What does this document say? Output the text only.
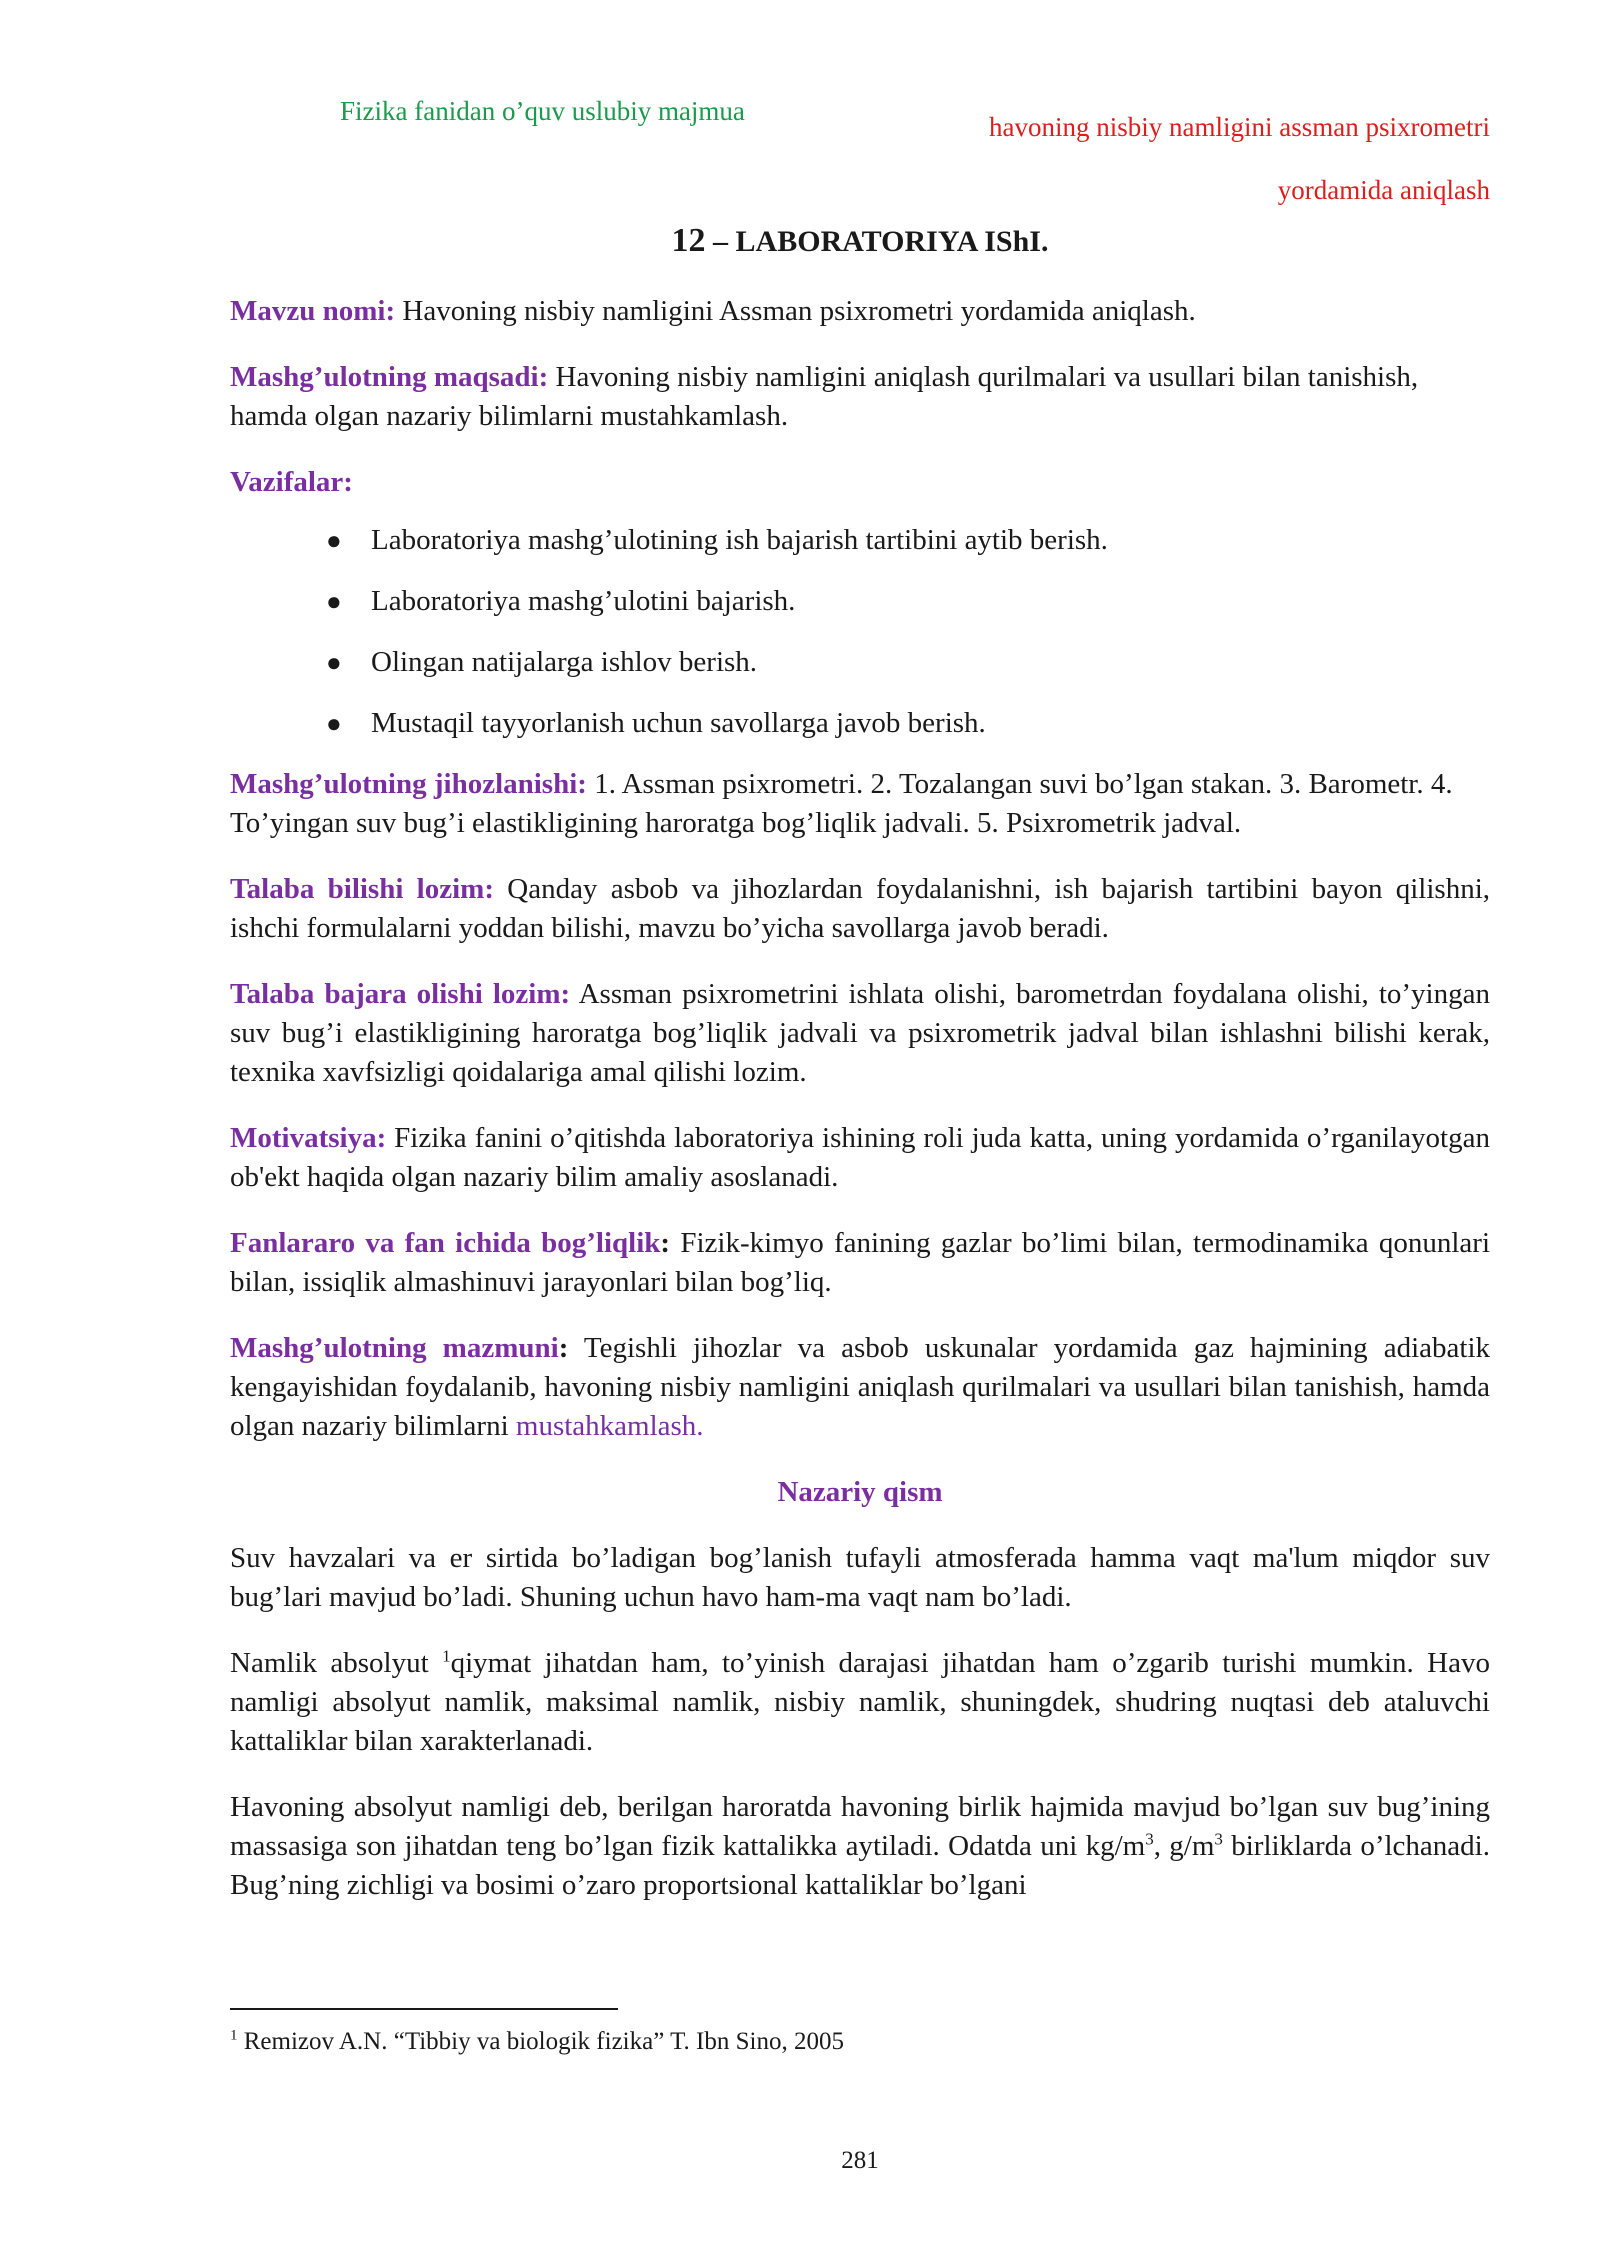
Fizika fanidan o’quv uslubiy majmua
havoning nisbiy namligini assman psixrometri
yordamida aniqlash
12 – LABORATORIYA IShI.

Mavzu nomi: Havoning nisbiy namligini Assman psixrometri yordamida aniqlash.

Mashg’ulotning maqsadi: Havoning nisbiy namligini aniqlash qurilmalari va usullari bilan tanishish, hamda olgan nazariy bilimlarni mustahkamlash.

Vazifalar:

● Laboratoriya mashg’ulotining ish bajarish tartibini aytib berish.
● Laboratoriya mashg’ulotini bajarish.
● Olingan natijalarga ishlov berish.
● Mustaqil tayyorlanish uchun savollarga javob berish.

Mashg’ulotning jihozlanishi: 1. Assman psixrometri. 2. Tozalangan suvi bo’lgan stakan. 3. Barometr. 4. To’yingan suv bug’i elastikligining haroratga bog’liqlik jadvali. 5. Psixrometrik jadval.

Talaba bilishi lozim: Qanday asbob va jihozlardan foydalanishni, ish bajarish tartibini bayon qilishni, ishchi formulalarni yoddan bilishi, mavzu bo’yicha savollarga javob beradi.

Talaba bajara olishi lozim: Assman psixrometrini ishlata olishi, barometrdan foydalana olishi, to’yingan suv bug’i elastikligining haroratga bog’liqlik jadvali va psixrometrik jadval bilan ishlashni bilishi kerak, texnika xavfsizligi qoidalariga amal qilishi lozim.

Motivatsiya: Fizika fanini o’qitishda laboratoriya ishining roli juda katta, uning yordamida o’rganilayotgan ob'ekt haqida olgan nazariy bilim amaliy asoslanadi.

Fanlararo va fan ichida bog’liqlik: Fizik-kimyo fanining gazlar bo’limi bilan, termodinamika qonunlari bilan, issiqlik almashinuvi jarayonlari bilan bog’liq.

Mashg’ulotning mazmuni: Tegishli jihozlar va asbob uskunalar yordamida gaz hajmining adiabatik kengayishidan foydalanib, havoning nisbiy namligini aniqlash qurilmalari va usullari bilan tanishish, hamda olgan nazariy bilimlarni mustahkamlash.

Nazariy qism

Suv havzalari va er sirtida bo’ladigan bog’lanish tufayli atmosferada hamma vaqt ma'lum miqdor suv bug’lari mavjud bo’ladi. Shuning uchun havo ham-ma vaqt nam bo’ladi.

Namlik absolyut $^1$qiymat jihatdan ham, to’yinish darajasi jihatdan ham o’zgarib turishi mumkin. Havo namligi absolyut namlik, maksimal namlik, nisbiy namlik, shuningdek, shudring nuqtasi deb ataluvchi kattaliklar bilan xarakterlanadi.

Havoning absolyut namligi deb, berilgan haroratda havoning birlik hajmida mavjud bo’lgan suv bug’ining massasiga son jihatdan teng bo’lgan fizik kattalikka aytiladi. Odatda uni $kg/m^3$, $g/m^3$ birliklarda o’lchanadi. Bug’ning zichligi va bosimi o’zaro proportsional kattaliklar bo’lgani

$^1$ Remizov A.N. “Tibbiy va biologik fizika” T. Ibn Sino, 2005
281
